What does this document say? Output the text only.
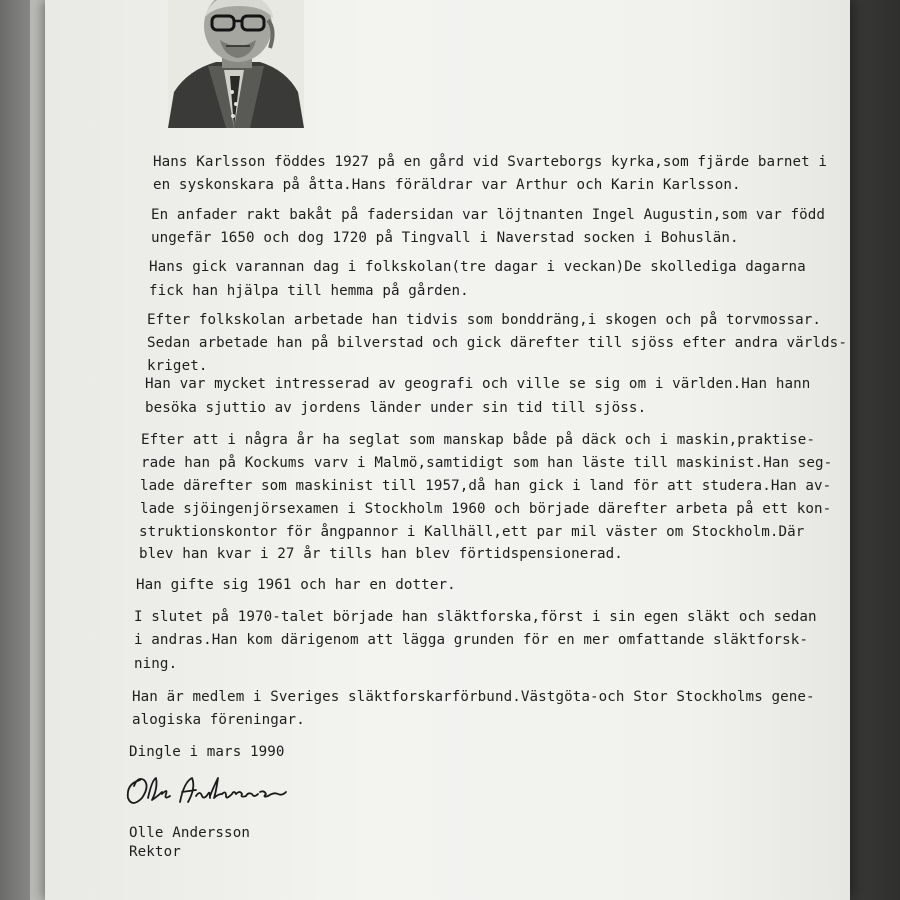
Hans Karlsson föddes 1927 på en gård vid Svarteborgs kyrka,som fjärde barnet i
en syskonskara på åtta.Hans föräldrar var Arthur och Karin Karlsson.
En anfader rakt bakåt på fadersidan var löjtnanten Ingel Augustin,som var född
ungefär 1650 och dog 1720 på Tingvall i Naverstad socken i Bohuslän.
Hans gick varannan dag i folkskolan(tre dagar i veckan)De skollediga dagarna
fick han hjälpa till hemma på gården.
Efter folkskolan arbetade han tidvis som bonddräng,i skogen och på torvmossar.
Sedan arbetade han på bilverstad och gick därefter till sjöss efter andra världs-
kriget.
Han var mycket intresserad av geografi och ville se sig om i världen.Han hann
besöka sjuttio av jordens länder under sin tid till sjöss.
Efter att i några år ha seglat som manskap både på däck och i maskin,praktise-
rade han på Kockums varv i Malmö,samtidigt som han läste till maskinist.Han seg-
lade därefter som maskinist till 1957,då han gick i land för att studera.Han av-
lade sjöingenjörsexamen i Stockholm 1960 och började därefter arbeta på ett kon-
struktionskontor för ångpannor i Kallhäll,ett par mil väster om Stockholm.Där
blev han kvar i 27 år tills han blev förtidspensionerad.
Han gifte sig 1961 och har en dotter.
I slutet på 1970-talet började han släktforska,först i sin egen släkt och sedan
i andras.Han kom därigenom att lägga grunden för en mer omfattande släktforsk-
ning.
Han är medlem i Sveriges släktforskarförbund.Västgöta-och Stor Stockholms gene-
alogiska föreningar.
Dingle i mars 1990
Olle Andersson
Rektor
